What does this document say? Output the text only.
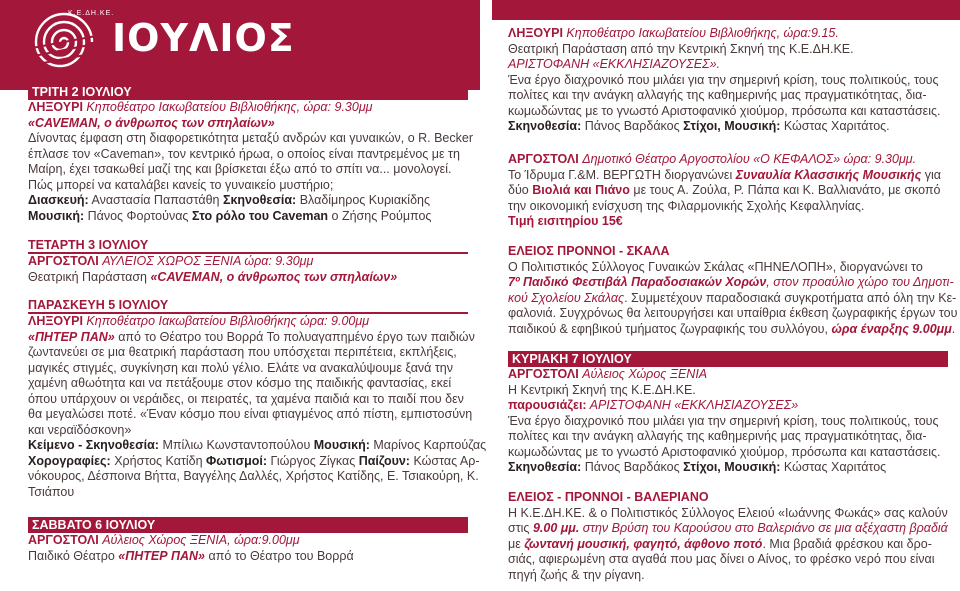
Κ.Ε.ΔΗ.ΚΕ.
ΙΟΥΛΙΟΣ
ΤΡΙΤΗ 2 ΙΟΥΛΙΟΥ
ΛΗΞΟΥΡΙ Κηποθέατρο Ιακωβατείου Βιβλιοθήκης, ώρα: 9.30μμ
«CAVEMAN, ο άνθρωπος των σπηλαίων»
Δίνοντας έμφαση στη διαφορετικότητα μεταξύ ανδρών και γυναικών, ο R. Becker
έπλασε τον «Caveman», τον κεντρικό ήρωα, ο οποίος είναι παντρεμένος με τη
Μαίρη, έχει τσακωθεί μαζί της και βρίσκεται έξω από το σπίτι να... μονολογεί.
Πώς μπορεί να καταλάβει κανείς το γυναικείο μυστήριο;
Διασκευή: Αναστασία Παπαστάθη Σκηνοθεσία: Βλαδίμηρος Κυριακίδης
Μουσική: Πάνος Φορτούνας Στο ρόλο του Caveman ο Ζήσης Ρούμπος
ΤΕΤΑΡΤΗ 3 ΙΟΥΛΙΟΥ
ΑΡΓΟΣΤΟΛΙ ΑΥΛΕΙΟΣ ΧΩΡΟΣ ΞΕΝΙΑ ώρα: 9.30μμ
Θεατρική Παράσταση «CAVEMAN, ο άνθρωπος των σπηλαίων»
ΠΑΡΑΣΚΕΥΗ 5 ΙΟΥΛΙΟΥ
ΛΗΞΟΥΡΙ Κηποθέατρο Ιακωβατείου Βιβλιοθήκης ώρα: 9.00μμ
«ΠΗΤΕΡ ΠΑΝ» από το Θέατρο του Βορρά Το πολυαγαπημένο έργο των παιδιών
ζωντανεύει σε μια θεατρική παράσταση που υπόσχεται περιπέτεια, εκπλήξεις,
μαγικές στιγμές, συγκίνηση και πολύ γέλιο. Ελάτε να ανακαλύψουμε ξανά την
χαμένη αθωότητα και να πετάξουμε στον κόσμο της παιδικής φαντασίας, εκεί
όπου υπάρχουν οι νεράιδες, οι πειρατές, τα χαμένα παιδιά και το παιδί που δεν
θα μεγαλώσει ποτέ. «Έναν κόσμο που είναι φτιαγμένος από πίστη, εμπιστοσύνη
και νεραϊδόσκονη»
Κείμενο - Σκηνοθεσία: Μπίλιω Κωνσταντοπούλου Μουσική: Μαρίνος Καρπούζας
Χορογραφίες: Χρήστος Κατίδη Φωτισμοί: Γιώργος Ζίγκας Παίζουν: Κώστας Αρ-
νόκουρος, Δέσποινα Βήττα, Βαγγέλης Δαλλές, Χρήστος Κατίδης, Ε. Τσιακούρη, Κ.
Τσιάπου
ΣΑΒΒΑΤΟ 6 ΙΟΥΛΙΟΥ
ΑΡΓΟΣΤΟΛΙ Αύλειος Χώρος ΞΕΝΙΑ, ώρα:9.00μμ
Παιδικό Θέατρο «ΠΗΤΕΡ ΠΑΝ» από το Θέατρο του Βορρά
ΛΗΞΟΥΡΙ Κηποθέατρο Ιακωβατείου Βιβλιοθήκης, ώρα:9.15.
Θεατρική Παράσταση από την Κεντρική Σκηνή της Κ.Ε.ΔΗ.ΚΕ.
ΑΡΙΣΤΟΦΑΝΗ «ΕΚΚΛΗΣΙΑΖΟΥΣΕΣ».
Ένα έργο διαχρονικό που μιλάει για την σημερινή κρίση, τους πολιτικούς, τους
πολίτες και την ανάγκη αλλαγής της καθημερινής μας πραγματικότητας, δια-
κωμωδώντας με το γνωστό Αριστοφανικό χιούμορ, πρόσωπα και καταστάσεις.
Σκηνοθεσία: Πάνος Βαρδάκος Στίχοι, Μουσική: Κώστας Χαριτάτος.
ΑΡΓΟΣΤΟΛΙ Δημοτικό Θέατρο Αργοστολίου «Ο ΚΕΦΑΛΟΣ» ώρα: 9.30μμ.
Το Ίδρυμα Γ.&Μ. ΒΕΡΓΩΤΗ διοργανώνει Συναυλία Κλασσικής Μουσικής για
δύο Βιολιά και Πιάνο με τους Α. Ζούλα, Ρ. Πάπα και Κ. Βαλλιανάτο, με σκοπό
την οικονομική ενίσχυση της Φιλαρμονικής Σχολής Κεφαλληνίας.
Τιμή εισιτηρίου 15€
ΕΛΕΙΟΣ ΠΡΟΝΝΟΙ - ΣΚΑΛΑ
Ο Πολιτιστικός Σύλλογος Γυναικών Σκάλας «ΠΗΝΕΛΟΠΗ», διοργανώνει το
7º Παιδικό Φεστιβάλ Παραδοσιακών Χορών, στον προαύλιο χώρο του Δημοτι-
κού Σχολείου Σκάλας. Συμμετέχουν παραδοσιακά συγκροτήματα από όλη την Κε-
φαλονιά. Συγχρόνως θα λειτουργήσει και υπαίθρια έκθεση ζωγραφικής έργων του
παιδικού & εφηβικού τμήματος ζωγραφικής του συλλόγου, ώρα έναρξης 9.00μμ.
ΚΥΡΙΑΚΗ 7 ΙΟΥΛΙΟΥ
ΑΡΓΟΣΤΟΛΙ Αύλειος Χώρος ΞΕΝΙΑ
Η Κεντρική Σκηνή της Κ.Ε.ΔΗ.ΚΕ.
παρουσιάζει: ΑΡΙΣΤΟΦΑΝΗ «ΕΚΚΛΗΣΙΑΖΟΥΣΕΣ»
Ένα έργο διαχρονικό που μιλάει για την σημερινή κρίση, τους πολιτικούς, τους
πολίτες και την ανάγκη αλλαγής της καθημερινής μας πραγματικότητας, δια-
κωμωδώντας με το γνωστό Αριστοφανικό χιούμορ, πρόσωπα και καταστάσεις.
Σκηνοθεσία: Πάνος Βαρδάκος Στίχοι, Μουσική: Κώστας Χαριτάτος
ΕΛΕΙΟΣ - ΠΡΟΝΝΟΙ - ΒΑΛΕΡΙΑΝΟ
Η Κ.Ε.ΔΗ.ΚΕ. & ο Πολιτιστικός Σύλλογος Ελειού «Ιωάννης Φωκάς» σας καλούν
στις 9.00 μμ. στην Βρύση του Καρούσου στο Βαλεριάνο σε μια αξέχαστη βραδιά
με ζωντανή μουσική, φαγητό, άφθονο ποτό. Μια βραδιά φρέσκου και δρο-
σιάς, αφιερωμένη στα αγαθά που μας δίνει ο Αίνος, το φρέσκο νερό που είναι
πηγή ζωής & την ρίγανη.
